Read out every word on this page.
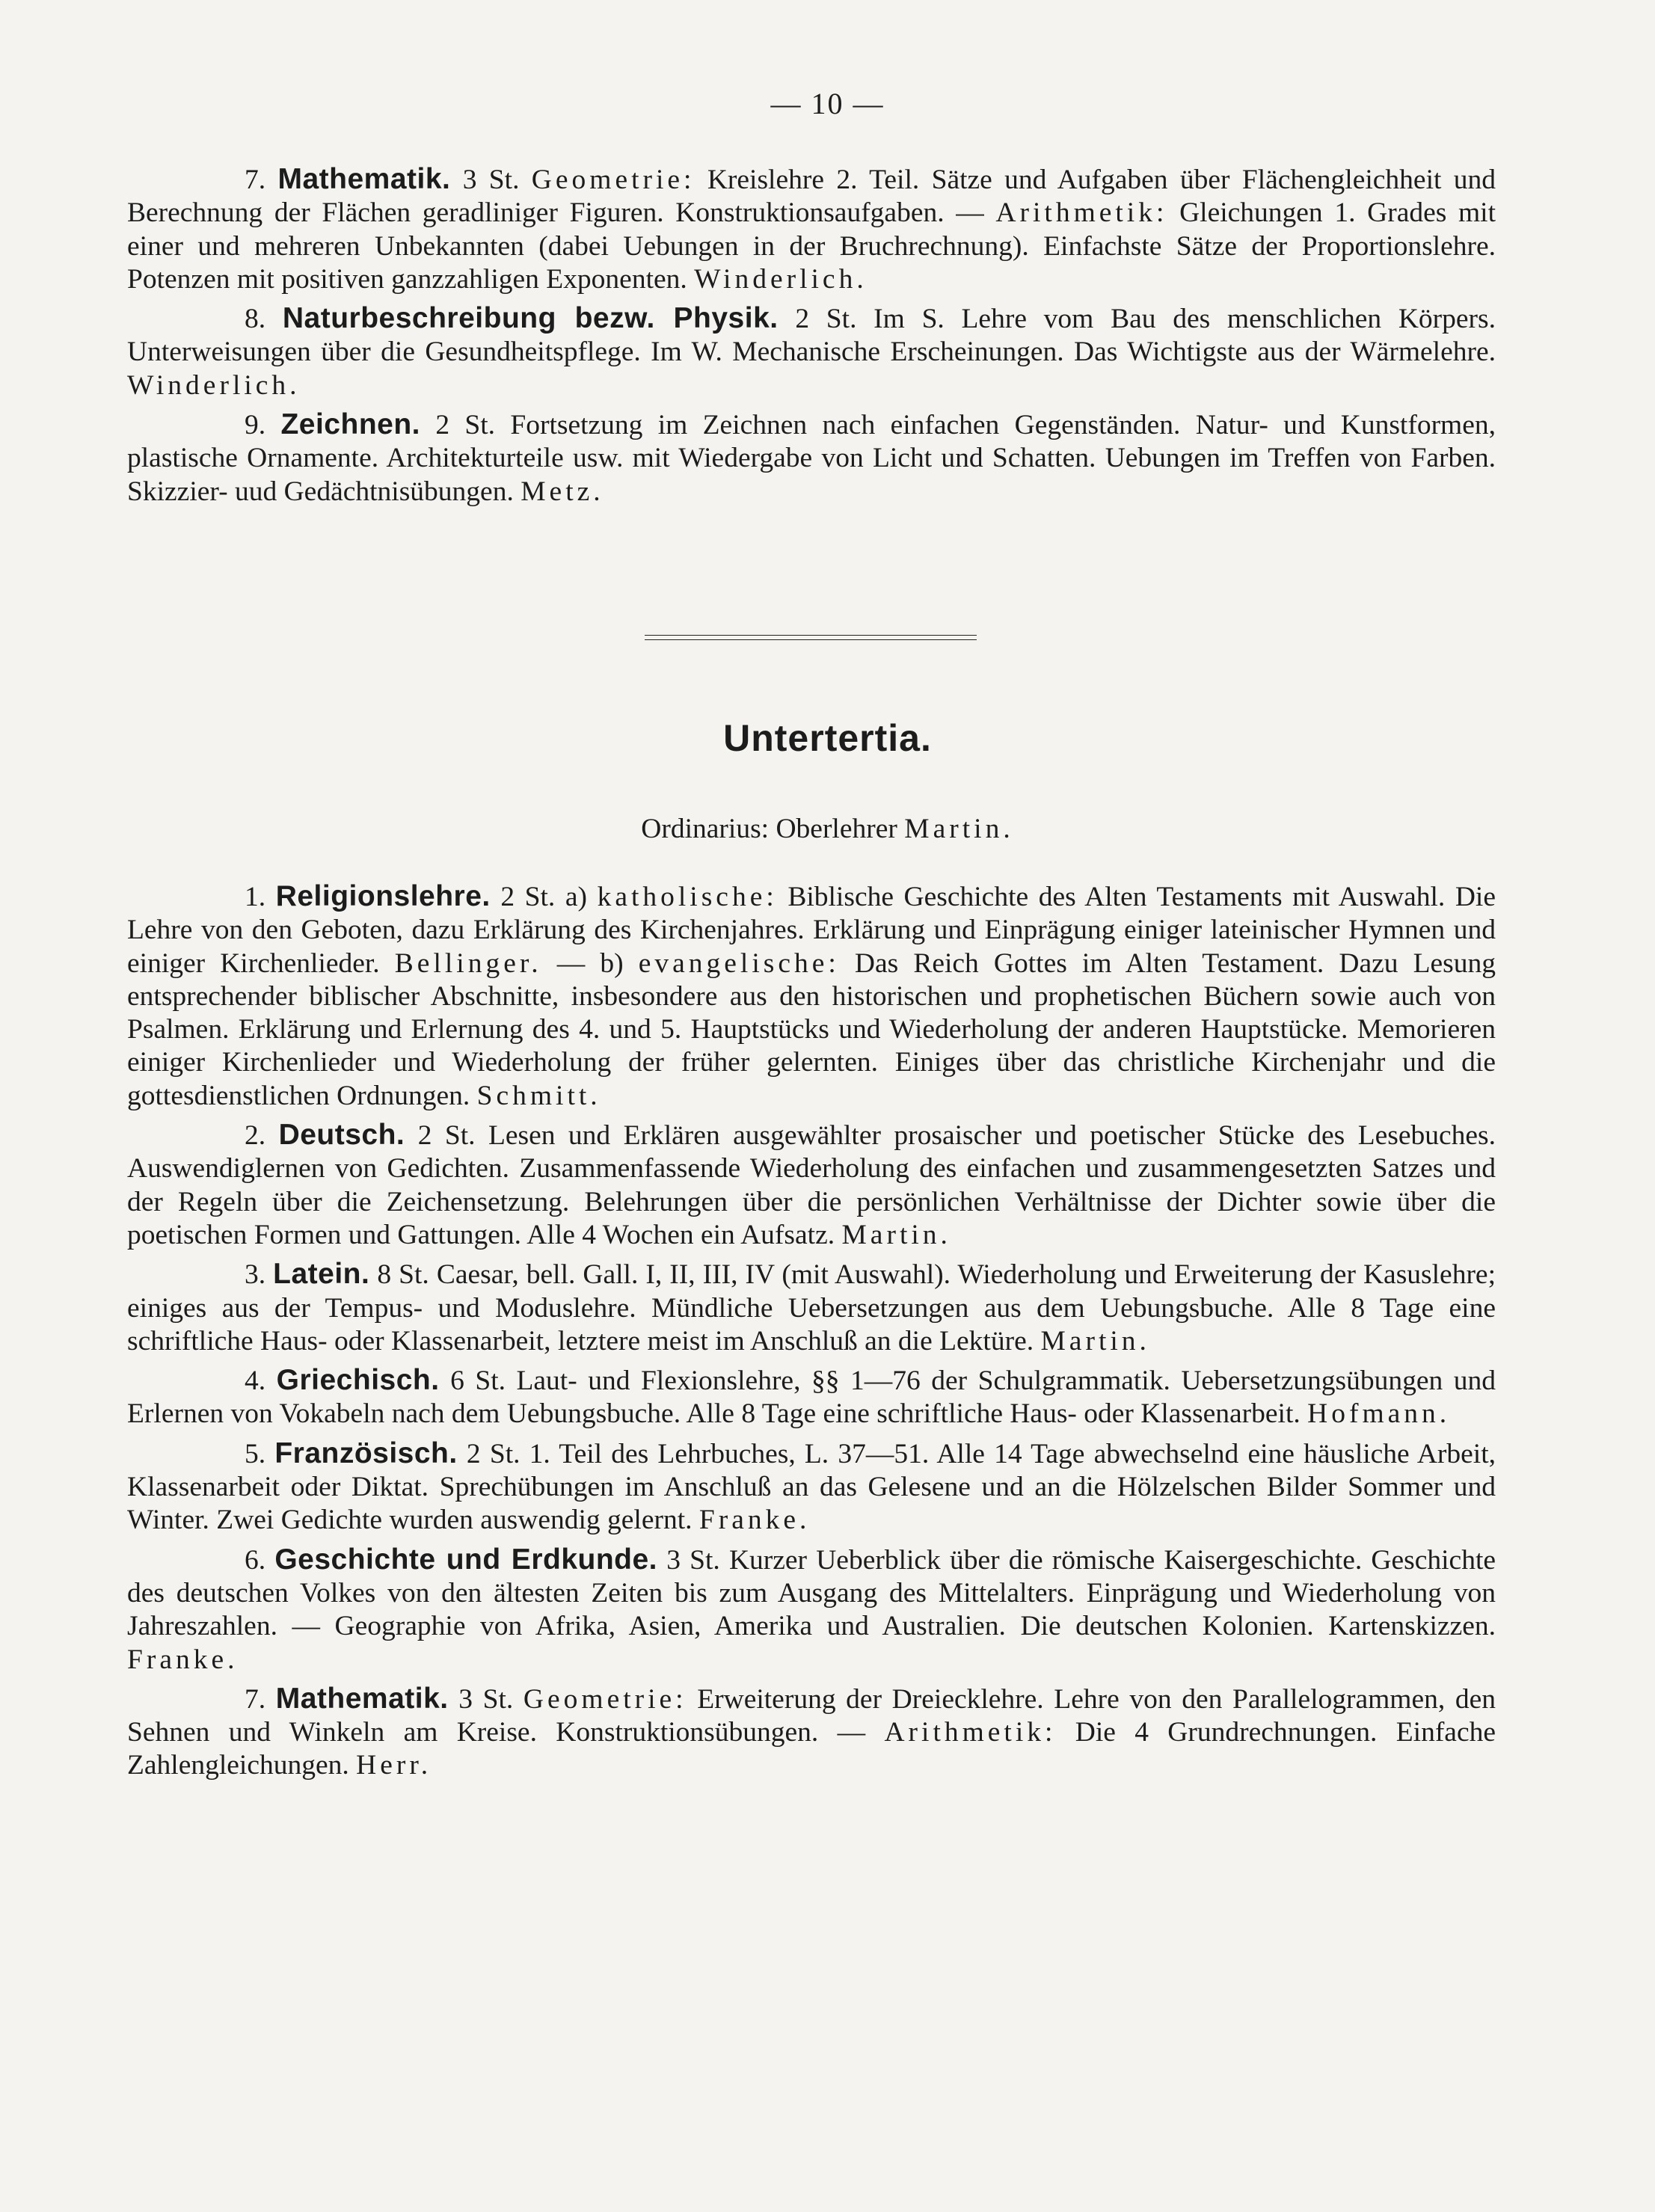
— 10 —

7. Mathematik. 3 St. Geometrie: Kreislehre 2. Teil. Sätze und Aufgaben über Flächengleichheit und Berechnung der Flächen geradliniger Figuren. Konstruktionsaufgaben. — Arithmetik: Gleichungen 1. Grades mit einer und mehreren Unbekannten (dabei Uebungen in der Bruchrechnung). Einfachste Sätze der Proportionslehre. Potenzen mit positiven ganzzahligen Exponenten. Winderlich.

8. Naturbeschreibung bezw. Physik. 2 St. Im S. Lehre vom Bau des menschlichen Körpers. Unterweisungen über die Gesundheitspflege. Im W. Mechanische Erscheinungen. Das Wichtigste aus der Wärmelehre. Winderlich.

9. Zeichnen. 2 St. Fortsetzung im Zeichnen nach einfachen Gegenständen. Natur- und Kunstformen, plastische Ornamente. Architekturteile usw. mit Wiedergabe von Licht und Schatten. Uebungen im Treffen von Farben. Skizzier- uud Gedächtnisübungen. Metz.

Untertertia.
Ordinarius: Oberlehrer Martin.

1. Religionslehre. 2 St. a) katholische: Biblische Geschichte des Alten Testaments mit Auswahl. Die Lehre von den Geboten, dazu Erklärung des Kirchenjahres. Erklärung und Einprägung einiger lateinischer Hymnen und einiger Kirchenlieder. Bellinger. — b) evangelische: Das Reich Gottes im Alten Testament. Dazu Lesung entsprechender biblischer Abschnitte, insbesondere aus den historischen und prophetischen Büchern sowie auch von Psalmen. Erklärung und Erlernung des 4. und 5. Hauptstücks und Wiederholung der anderen Hauptstücke. Memorieren einiger Kirchenlieder und Wiederholung der früher gelernten. Einiges über das christliche Kirchenjahr und die gottesdienstlichen Ordnungen. Schmitt.

2. Deutsch. 2 St. Lesen und Erklären ausgewählter prosaischer und poetischer Stücke des Lesebuches. Auswendiglernen von Gedichten. Zusammenfassende Wiederholung des einfachen und zusammengesetzten Satzes und der Regeln über die Zeichensetzung. Belehrungen über die persönlichen Verhältnisse der Dichter sowie über die poetischen Formen und Gattungen. Alle 4 Wochen ein Aufsatz. Martin.

3. Latein. 8 St. Caesar, bell. Gall. I, II, III, IV (mit Auswahl). Wiederholung und Erweiterung der Kasuslehre; einiges aus der Tempus- und Moduslehre. Mündliche Uebersetzungen aus dem Uebungsbuche. Alle 8 Tage eine schriftliche Haus- oder Klassenarbeit, letztere meist im Anschluß an die Lektüre. Martin.

4. Griechisch. 6 St. Laut- und Flexionslehre, §§ 1—76 der Schulgrammatik. Uebersetzungsübungen und Erlernen von Vokabeln nach dem Uebungsbuche. Alle 8 Tage eine schriftliche Haus- oder Klassenarbeit. Hofmann.

5. Französisch. 2 St. 1. Teil des Lehrbuches, L. 37—51. Alle 14 Tage abwechselnd eine häusliche Arbeit, Klassenarbeit oder Diktat. Sprechübungen im Anschluß an das Gelesene und an die Hölzelschen Bilder Sommer und Winter. Zwei Gedichte wurden auswendig gelernt. Franke.

6. Geschichte und Erdkunde. 3 St. Kurzer Ueberblick über die römische Kaisergeschichte. Geschichte des deutschen Volkes von den ältesten Zeiten bis zum Ausgang des Mittelalters. Einprägung und Wiederholung von Jahreszahlen. — Geographie von Afrika, Asien, Amerika und Australien. Die deutschen Kolonien. Kartenskizzen. Franke.

7. Mathematik. 3 St. Geometrie: Erweiterung der Dreiecklehre. Lehre von den Parallelogrammen, den Sehnen und Winkeln am Kreise. Konstruktionsübungen. — Arithmetik: Die 4 Grundrechnungen. Einfache Zahlengleichungen. Herr.
